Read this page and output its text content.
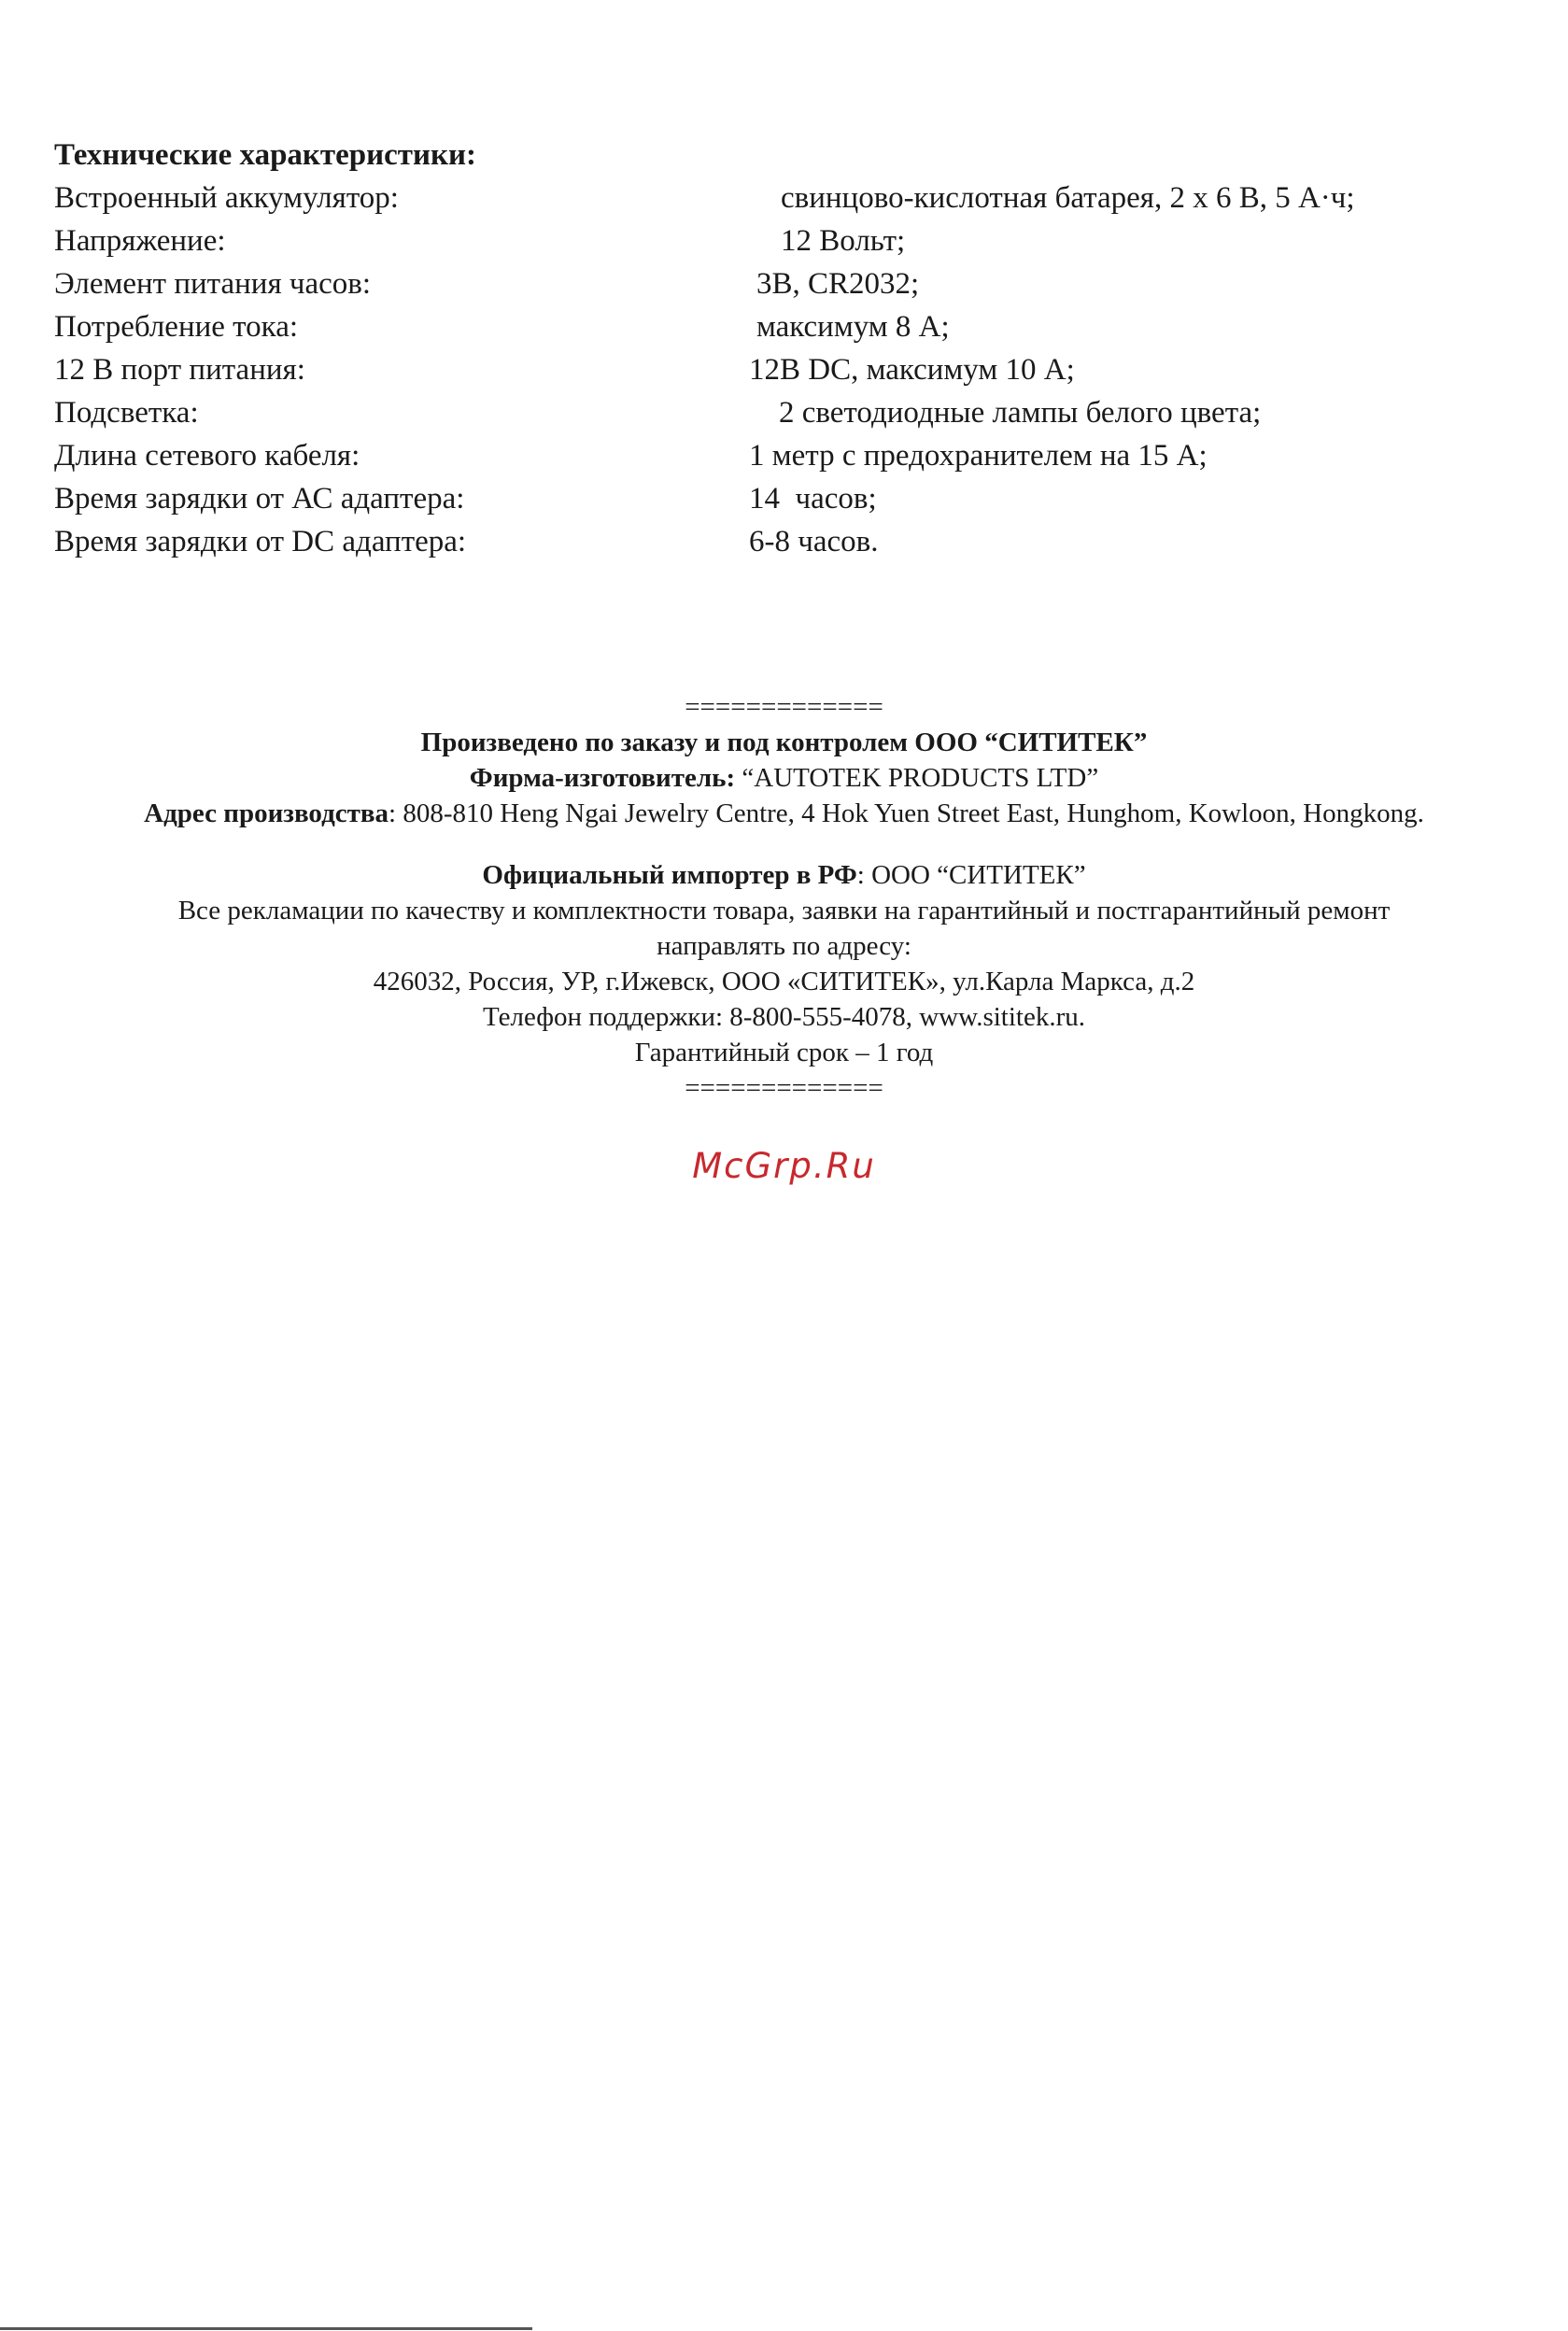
Технические характеристики:
Встроенный аккумулятор:	свинцово-кислотная батарея, 2 х 6 В, 5 А·ч;
Напряжение:	12 Вольт;
Элемент питания часов:	3В, CR2032;
Потребление тока:	максимум 8 А;
12 В порт питания:	12В DC, максимум 10 А;
Подсветка:	2 светодиодные лампы белого цвета;
Длина сетевого кабеля:	1 метр с предохранителем на 15 А;
Время зарядки от АС адаптера:	14  часов;
Время зарядки от DC адаптера:	6-8 часов.
=============
Произведено по заказу и под контролем ООО “СИТИТЕК”
Фирма-изготовитель: “AUTOTEK PRODUCTS LTD”
Адрес производства: 808-810 Heng Ngai Jewelry Centre, 4 Hok Yuen Street East, Hunghom, Kowloon, Hongkong.
Официальный импортер в РФ: ООО “СИТИТЕК”
Все рекламации по качеству и комплектности товара, заявки на гарантийный и постгарантийный ремонт
направлять по адресу:
426032, Россия, УР, г.Ижевск, ООО «СИТИТЕК», ул.Карла Маркса, д.2
Телефон поддержки: 8-800-555-4078, www.sititek.ru.
Гарантийный срок – 1 год
=============
McGrp.Ru
